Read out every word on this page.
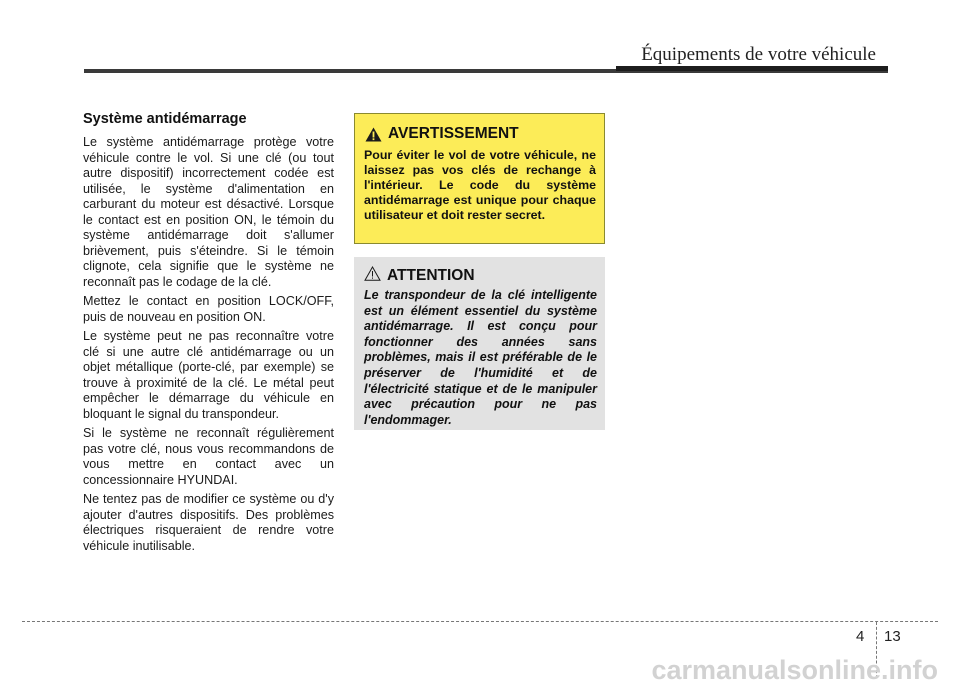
Équipements de votre véhicule
Système antidémarrage

Le système antidémarrage protège votre véhicule contre le vol. Si une clé (ou tout autre dispositif) incorrectement codée est utilisée, le système d'alimentation en carburant du moteur est désactivé. Lorsque le contact est en position ON, le témoin du système antidémarrage doit s'allumer brièvement, puis s'éteindre. Si le témoin clignote, cela signifie que le système ne reconnaît pas le codage de la clé.

Mettez le contact en position LOCK/OFF, puis de nouveau en position ON.

Le système peut ne pas reconnaître votre clé si une autre clé antidémarrage ou un objet métallique (porte-clé, par exemple) se trouve à proximité de la clé. Le métal peut empêcher le démarrage du véhicule en bloquant le signal du transpondeur.

Si le système ne reconnaît régulièrement pas votre clé, nous vous recommandons de vous mettre en contact avec un concessionnaire HYUNDAI.

Ne tentez pas de modifier ce système ou d'y ajouter d'autres dispositifs. Des problèmes électriques risqueraient de rendre votre véhicule inutilisable.

AVERTISSEMENT
Pour éviter le vol de votre véhicule, ne laissez pas vos clés de rechange à l'intérieur. Le code du système antidémarrage est unique pour chaque utilisateur et doit rester secret.
ATTENTION
Le transpondeur de la clé intelligente est un élément essentiel du système antidémarrage. Il est conçu pour fonctionner des années sans problèmes, mais il est préférable de le préserver de l'humidité et de l'électricité statique et de le manipuler avec précaution pour ne pas l'endommager.
4 13
carmanualsonline.info
